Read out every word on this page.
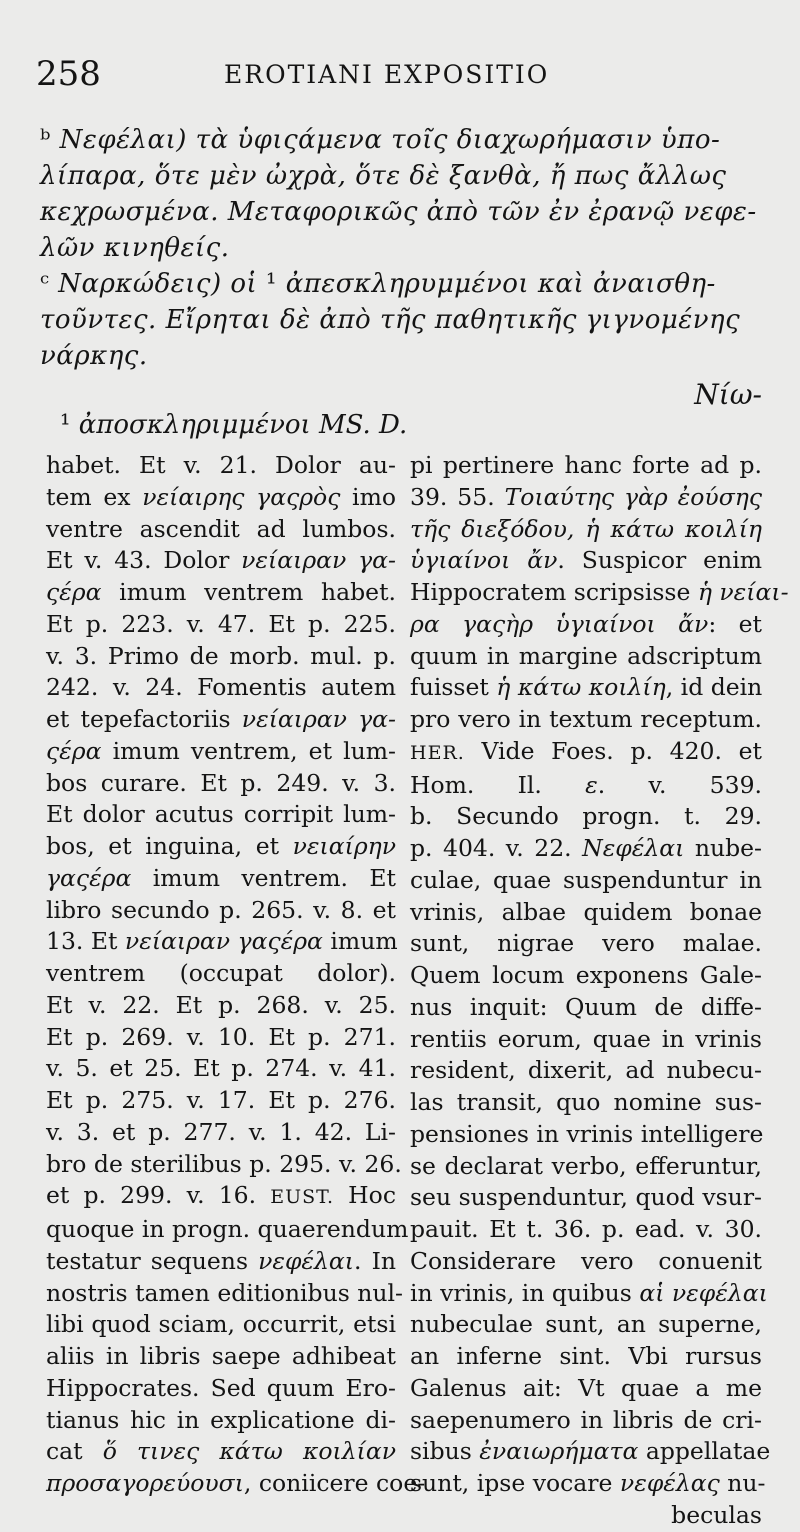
258	EROTIANI EXPOSITIO
ᵇ Νεφέλαι) τὰ ὑφιςάμενα τοῖς διαχωρήμασιν ὑπο-
λίπαρα, ὅτε μὲν ὠχρὰ, ὅτε δὲ ξανθὰ, ἤ πως ἄλλως
κεχρωσμένα. Μεταφορικῶς ἀπὸ τῶν ἐν ἐρανῷ νεφε-
λῶν κινηθείς.
ᶜ Ναρκώδεις) οἱ ¹ ἀπεσκληρυμμένοι καὶ ἀναισθη-
τοῦντες. Εἴρηται δὲ ἀπὸ τῆς παθητικῆς γιγνομένης
νάρκης.
Νίω-
¹ ἀποσκληριμμένοι MS. D.
habet. Et v. 21. Dolor au-
tem ex νείαιρης γαςρὸς imo
ventre ascendit ad lumbos.
Et v. 43. Dolor νείαιραν γα-
ςέρα imum ventrem habet.
Et p. 223. v. 47. Et p. 225.
v. 3. Primo de morb. mul. p.
242. v. 24. Fomentis autem
et tepefactoriis νείαιραν γα-
ςέρα imum ventrem, et lum-
bos curare. Et p. 249. v. 3.
Et dolor acutus corripit lum-
bos, et inguina, et νειαίρην
γαςέρα imum ventrem. Et
libro secundo p. 265. v. 8. et
13. Et νείαιραν γαςέρα imum
ventrem (occupat dolor).
Et v. 22. Et p. 268. v. 25.
Et p. 269. v. 10. Et p. 271.
v. 5. et 25. Et p. 274. v. 41.
Et p. 275. v. 17. Et p. 276.
v. 3. et p. 277. v. 1. 42. Li-
bro de sterilibus p. 295. v. 26.
et p. 299. v. 16. EUST. Hoc
quoque in progn. quaerendum
testatur sequens νεφέλαι. In
nostris tamen editionibus nul-
libi quod sciam, occurrit, etsi
aliis in libris saepe adhibeat
Hippocrates. Sed quum Ero-
tianus hic in explicatione di-
cat ὅ τινες κάτω κοιλίαν
προσαγορεύουσι, coniicere coe-
pi pertinere hanc forte ad p.
39. 55. Τοιαύτης γὰρ ἐούσης
τῆς διεξόδου, ἡ κάτω κοιλίη
ὑγιαίνοι ἄν. Suspicor enim
Hippocratem scripsisse ἡ νείαι-
ρα γαςὴρ ὑγιαίνοι ἄν: et
quum in margine adscriptum
fuisset ἡ κάτω κοιλίη, id dein
pro vero in textum receptum.
HER. Vide Foes. p. 420. et
Hom. Il. ε. v. 539.
b. Secundo progn. t. 29.
p. 404. v. 22. Νεφέλαι nube-
culae, quae suspenduntur in
vrinis, albae quidem bonae
sunt, nigrae vero malae.
Quem locum exponens Gale-
nus inquit: Quum de diffe-
rentiis eorum, quae in vrinis
resident, dixerit, ad nubecu-
las transit, quo nomine sus-
pensiones in vrinis intelligere
se declarat verbo, efferuntur,
seu suspenduntur, quod vsur-
pauit. Et t. 36. p. ead. v. 30.
Considerare vero conuenit
in vrinis, in quibus αἱ νεφέλαι
nubeculae sunt, an superne,
an inferne sint. Vbi rursus
Galenus ait: Vt quae a me
saepenumero in libris de cri-
sibus ἐναιωρήματα appellatae
sunt, ipse vocare νεφέλας nu-
beculas
